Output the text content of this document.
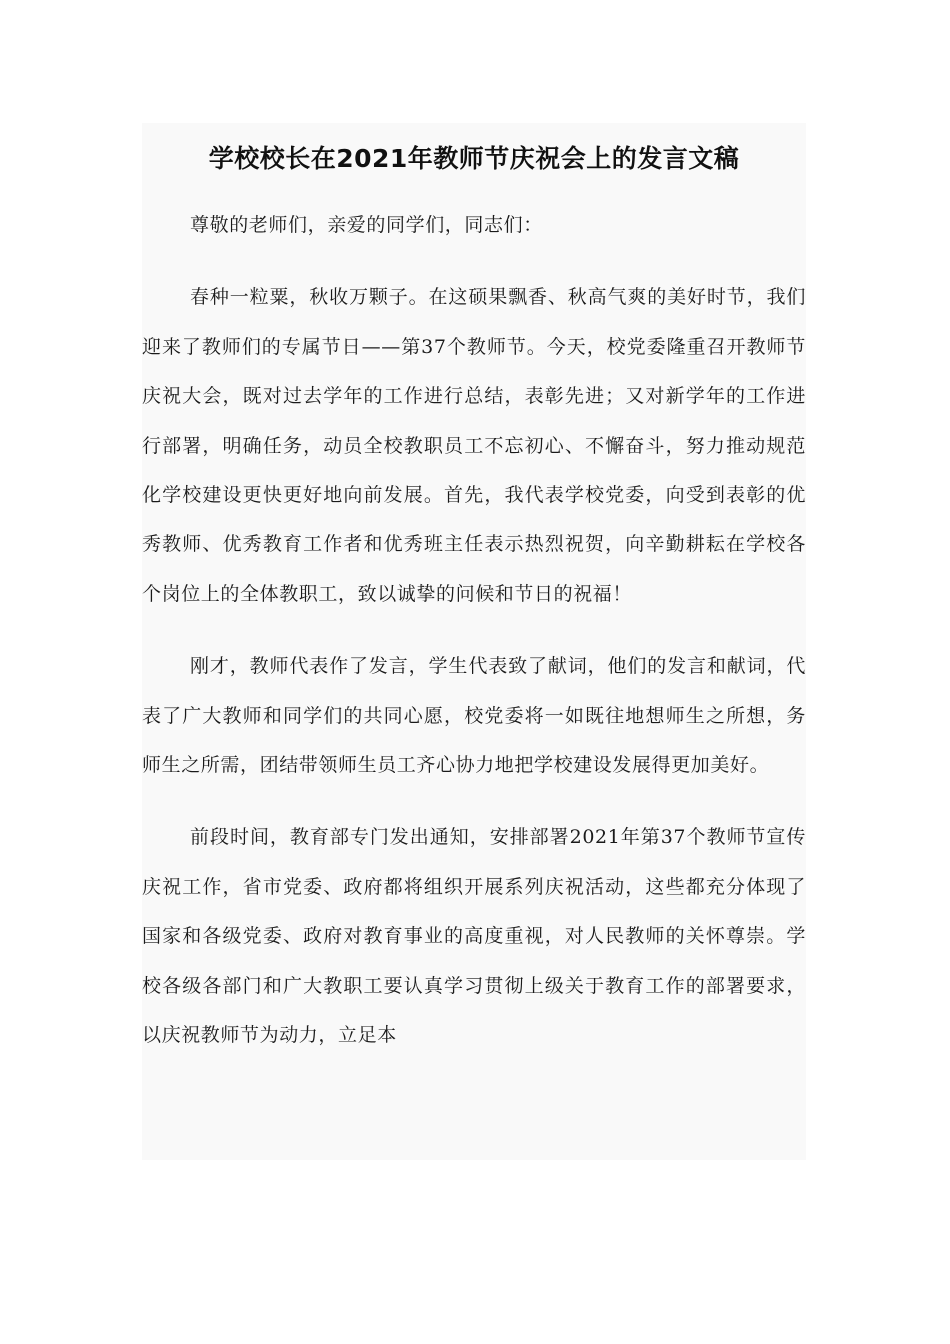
学校校长在2021年教师节庆祝会上的发言文稿

尊敬的老师们，亲爱的同学们，同志们：

春种一粒粟，秋收万颗子。在这硕果飘香、秋高气爽的美好时节，我们迎来了教师们的专属节日——第37个教师节。今天，校党委隆重召开教师节庆祝大会，既对过去学年的工作进行总结，表彰先进；又对新学年的工作进行部署，明确任务，动员全校教职员工不忘初心、不懈奋斗，努力推动规范化学校建设更快更好地向前发展。首先，我代表学校党委，向受到表彰的优秀教师、优秀教育工作者和优秀班主任表示热烈祝贺，向辛勤耕耘在学校各个岗位上的全体教职工，致以诚挚的问候和节日的祝福！

刚才，教师代表作了发言，学生代表致了献词，他们的发言和献词，代表了广大教师和同学们的共同心愿，校党委将一如既往地想师生之所想，务师生之所需，团结带领师生员工齐心协力地把学校建设发展得更加美好。

前段时间，教育部专门发出通知，安排部署2021年第37个教师节宣传庆祝工作，省市党委、政府都将组织开展系列庆祝活动，这些都充分体现了国家和各级党委、政府对教育事业的高度重视，对人民教师的关怀尊崇。学校各级各部门和广大教职工要认真学习贯彻上级关于教育工作的部署要求，以庆祝教师节为动力，立足本
